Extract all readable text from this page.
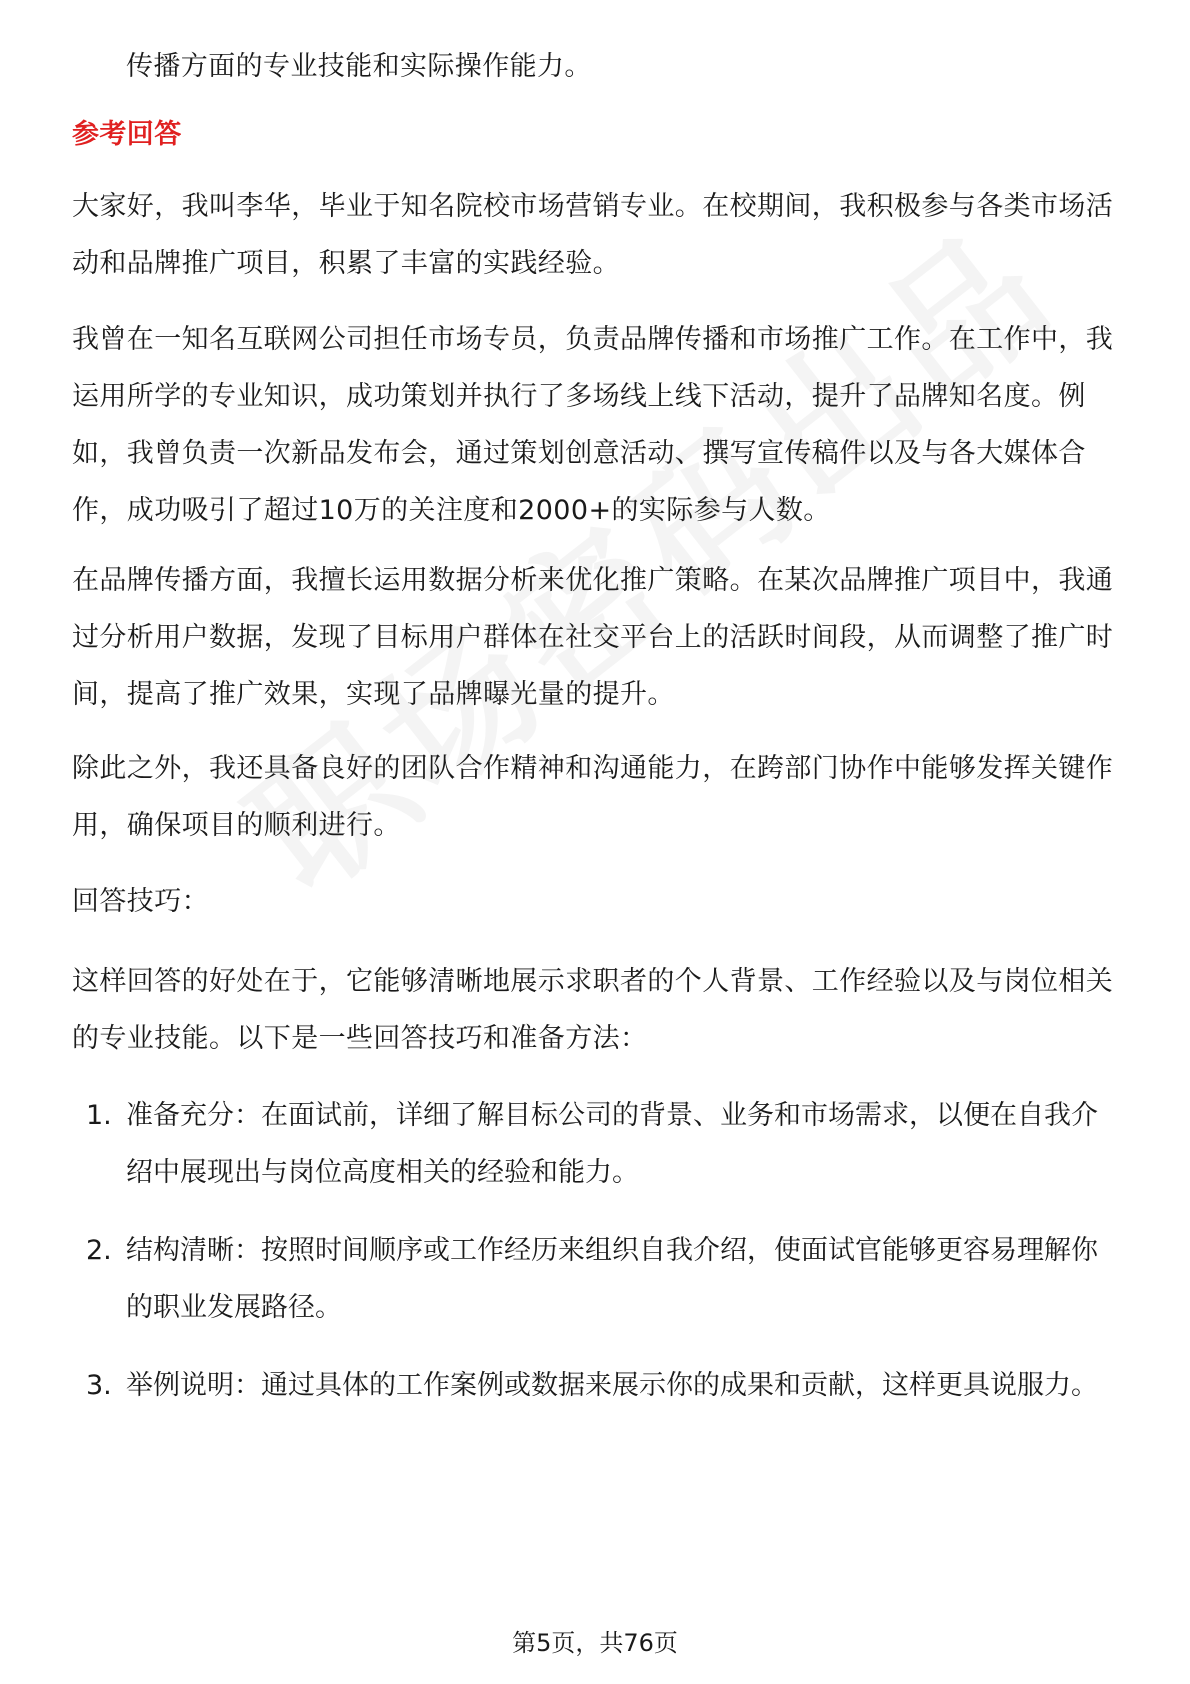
传播方面的专业技能和实际操作能力。

参考回答

大家好，我叫李华，毕业于知名院校市场营销专业。在校期间，我积极参与各类市场活动和品牌推广项目，积累了丰富的实践经验。

我曾在一知名互联网公司担任市场专员，负责品牌传播和市场推广工作。在工作中，我运用所学的专业知识，成功策划并执行了多场线上线下活动，提升了品牌知名度。例如，我曾负责一次新品发布会，通过策划创意活动、撰写宣传稿件以及与各大媒体合作，成功吸引了超过10万的关注度和2000+的实际参与人数。

在品牌传播方面，我擅长运用数据分析来优化推广策略。在某次品牌推广项目中，我通过分析用户数据，发现了目标用户群体在社交平台上的活跃时间段，从而调整了推广时间，提高了推广效果，实现了品牌曝光量的提升。

除此之外，我还具备良好的团队合作精神和沟通能力，在跨部门协作中能够发挥关键作用，确保项目的顺利进行。

回答技巧：

这样回答的好处在于，它能够清晰地展示求职者的个人背景、工作经验以及与岗位相关的专业技能。以下是一些回答技巧和准备方法：

1. 准备充分：在面试前，详细了解目标公司的背景、业务和市场需求，以便在自我介绍中展现出与岗位高度相关的经验和能力。
2. 结构清晰：按照时间顺序或工作经历来组织自我介绍，使面试官能够更容易理解你的职业发展路径。
3. 举例说明：通过具体的工作案例或数据来展示你的成果和贡献，这样更具说服力。
第5页，共76页
